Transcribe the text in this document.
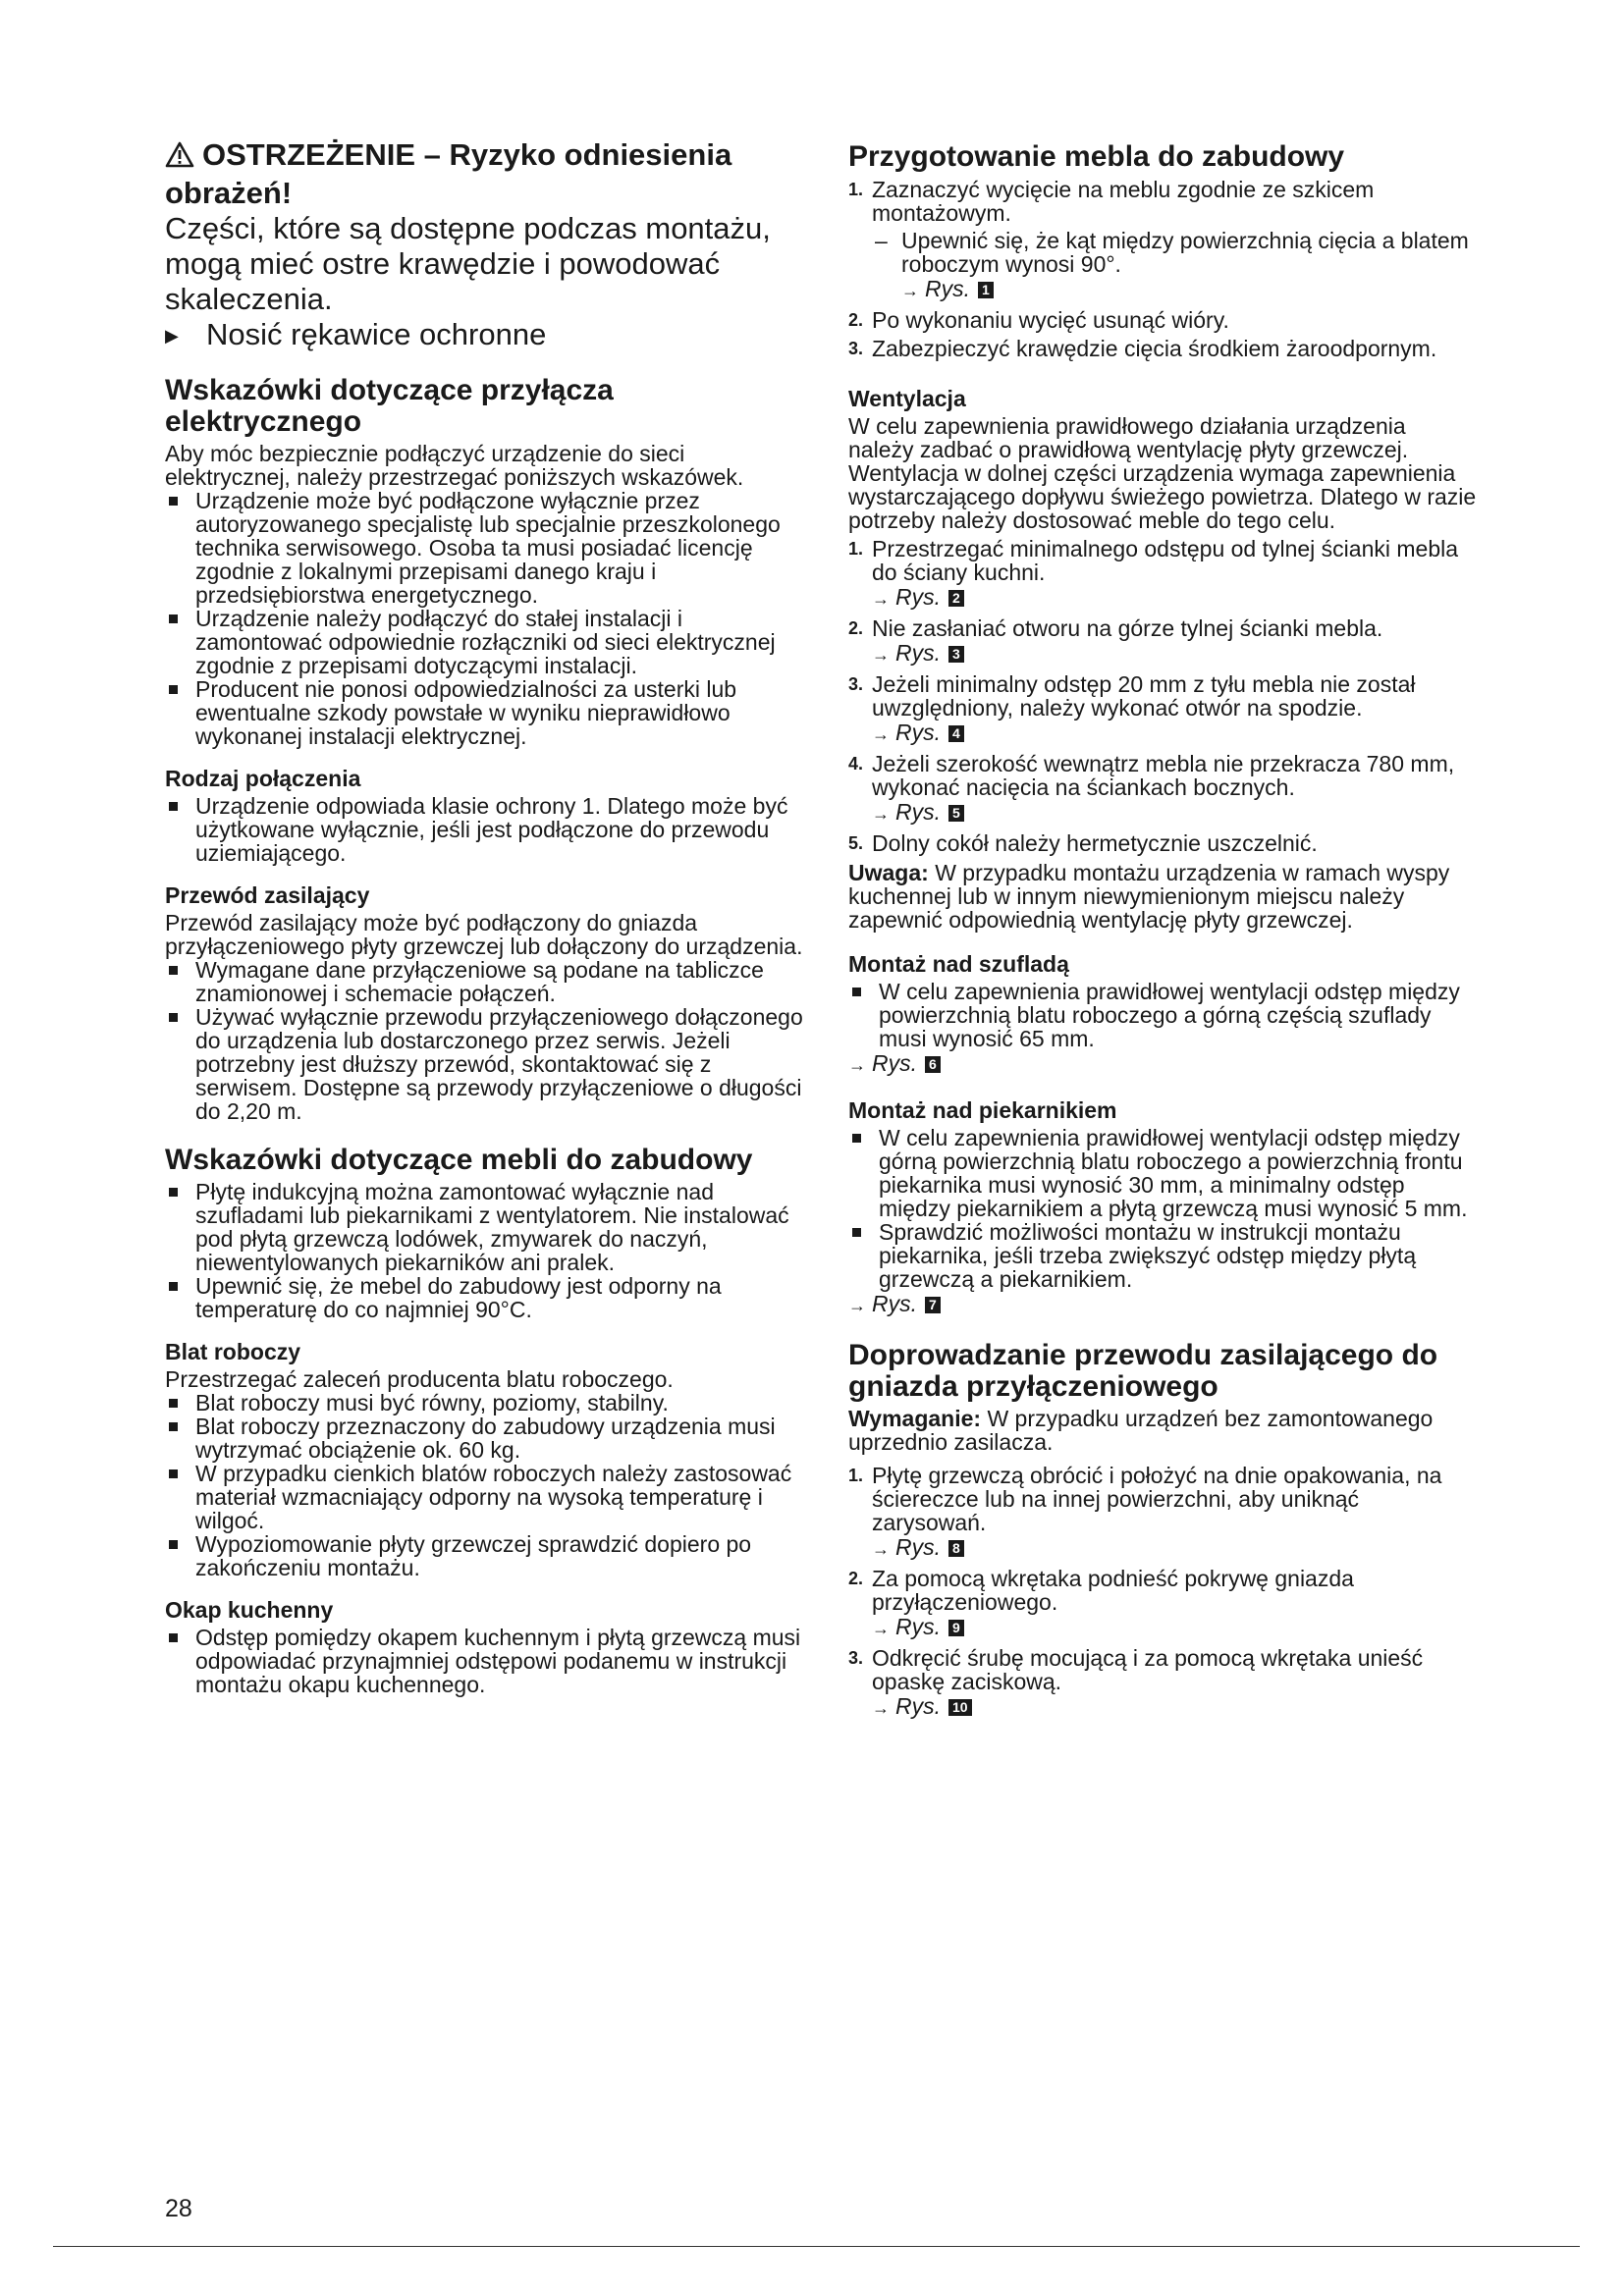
OSTRZEŻENIE – Ryzyko odniesienia

obrażeń!

Części, które są dostępne podczas montażu, mogą mieć ostre krawędzie i powodować skaleczenia.

▶ Nosić rękawice ochronne

Wskazówki dotyczące przyłącza elektrycznego

Aby móc bezpiecznie podłączyć urządzenie do sieci elektrycznej, należy przestrzegać poniższych wskazówek.

Urządzenie może być podłączone wyłącznie przez autoryzowanego specjalistę lub specjalnie przeszkolonego technika serwisowego. Osoba ta musi posiadać licencję zgodnie z lokalnymi przepisami danego kraju i przedsiębiorstwa energetycznego.
Urządzenie należy podłączyć do stałej instalacji i zamontować odpowiednie rozłączniki od sieci elektrycznej zgodnie z przepisami dotyczącymi instalacji.
Producent nie ponosi odpowiedzialności za usterki lub ewentualne szkody powstałe w wyniku nieprawidłowo wykonanej instalacji elektrycznej.
Rodzaj połączenia
Urządzenie odpowiada klasie ochrony 1. Dlatego może być użytkowane wyłącznie, jeśli jest podłączone do przewodu uziemiającego.
Przewód zasilający

Przewód zasilający może być podłączony do gniazda przyłączeniowego płyty grzewczej lub dołączony do urządzenia.

Wymagane dane przyłączeniowe są podane na tabliczce znamionowej i schemacie połączeń.
Używać wyłącznie przewodu przyłączeniowego dołączonego do urządzenia lub dostarczonego przez serwis. Jeżeli potrzebny jest dłuższy przewód, skontaktować się z serwisem. Dostępne są przewody przyłączeniowe o długości do 2,20 m.
Wskazówki dotyczące mebli do zabudowy
Płytę indukcyjną można zamontować wyłącznie nad szufladami lub piekarnikami z wentylatorem. Nie instalować pod płytą grzewczą lodówek, zmywarek do naczyń, niewentylowanych piekarników ani pralek.
Upewnić się, że mebel do zabudowy jest odporny na temperaturę do co najmniej 90°C.
Blat roboczy

Przestrzegać zaleceń producenta blatu roboczego.

Blat roboczy musi być równy, poziomy, stabilny.
Blat roboczy przeznaczony do zabudowy urządzenia musi wytrzymać obciążenie ok. 60 kg.
W przypadku cienkich blatów roboczych należy zastosować materiał wzmacniający odporny na wysoką temperaturę i wilgoć.
Wypoziomowanie płyty grzewczej sprawdzić dopiero po zakończeniu montażu.
Okap kuchenny
Odstęp pomiędzy okapem kuchennym i płytą grzewczą musi odpowiadać przynajmniej odstępowi podanemu w instrukcji montażu okapu kuchennego.
Przygotowanie mebla do zabudowy
1. Zaznaczyć wycięcie na meblu zgodnie ze szkicem montażowym.

– Upewnić się, że kąt między powierzchnią cięcia a blatem roboczym wynosi 90°.

→ Rys. 1
2. Po wykonaniu wycięć usunąć wióry.
3. Zabezpieczyć krawędzie cięcia środkiem żaroodpornym.
Wentylacja

W celu zapewnienia prawidłowego działania urządzenia należy zadbać o prawidłową wentylację płyty grzewczej. Wentylacja w dolnej części urządzenia wymaga zapewnienia wystarczającego dopływu świeżego powietrza. Dlatego w razie potrzeby należy dostosować meble do tego celu.

1. Przestrzegać minimalnego odstępu od tylnej ścianki mebla do ściany kuchni.
→ Rys. 2
2. Nie zasłaniać otworu na górze tylnej ścianki mebla.
→ Rys. 3
3. Jeżeli minimalny odstęp 20 mm z tyłu mebla nie został uwzględniony, należy wykonać otwór na spodzie.
→ Rys. 4
4. Jeżeli szerokość wewnątrz mebla nie przekracza 780 mm, wykonać nacięcia na ściankach bocznych.
→ Rys. 5
5. Dolny cokół należy hermetycznie uszczelnić.

Uwaga: W przypadku montażu urządzenia w ramach wyspy kuchennej lub w innym niewymienionym miejscu należy zapewnić odpowiednią wentylację płyty grzewczej.

Montaż nad szufladą
W celu zapewnienia prawidłowej wentylacji odstęp między powierzchnią blatu roboczego a górną częścią szuflady musi wynosić 65 mm.
→ Rys. 6
Montaż nad piekarnikiem
W celu zapewnienia prawidłowej wentylacji odstęp między górną powierzchnią blatu roboczego a powierzchnią frontu piekarnika musi wynosić 30 mm, a minimalny odstęp między piekarnikiem a płytą grzewczą musi wynosić 5 mm.
Sprawdzić możliwości montażu w instrukcji montażu piekarnika, jeśli trzeba zwiększyć odstęp między płytą grzewczą a piekarnikiem.
→ Rys. 7
Doprowadzanie przewodu zasilającego do gniazda przyłączeniowego

Wymaganie: W przypadku urządzeń bez zamontowanego uprzednio zasilacza.

1. Płytę grzewczą obrócić i położyć na dnie opakowania, na ściereczce lub na innej powierzchni, aby uniknąć zarysowań.
→ Rys. 8
2. Za pomocą wkrętaka podnieść pokrywę gniazda przyłączeniowego.
→ Rys. 9
3. Odkręcić śrubę mocującą i za pomocą wkrętaka unieść opaskę zaciskową.
→ Rys. 10
28
